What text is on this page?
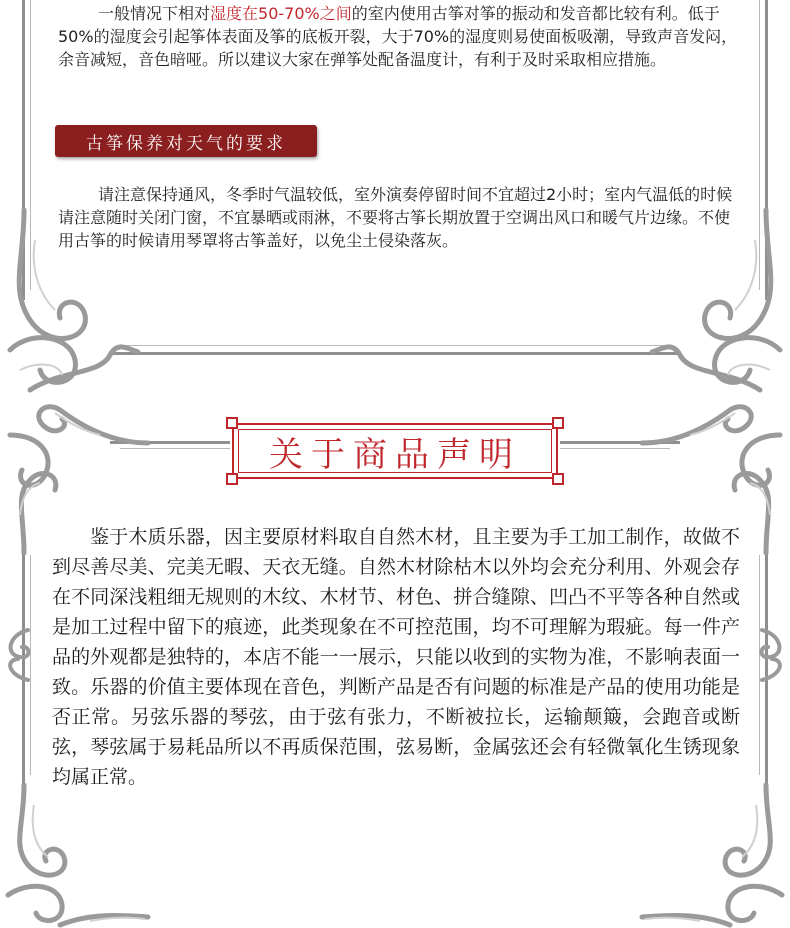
一般情况下相对湿度在50-70%之间的室内使用古筝对筝的振动和发音都比较有利。低于50%的湿度会引起筝体表面及筝的底板开裂，大于70%的湿度则易使面板吸潮，导致声音发闷，余音减短，音色暗哑。所以建议大家在弹筝处配备温度计，有利于及时采取相应措施。

古筝保养对天气的要求

请注意保持通风，冬季时气温较低，室外演奏停留时间不宜超过2小时；室内气温低的时候请注意随时关闭门窗，不宜暴晒或雨淋，不要将古筝长期放置于空调出风口和暖气片边缘。不使用古筝的时候请用琴罩将古筝盖好，以免尘土侵染落灰。

关于商品声明

鉴于木质乐器，因主要原材料取自自然木材，且主要为手工加工制作，故做不到尽善尽美、完美无暇、天衣无缝。自然木材除枯木以外均会充分利用、外观会存在不同深浅粗细无规则的木纹、木材节、材色、拼合缝隙、凹凸不平等各种自然或是加工过程中留下的痕迹，此类现象在不可控范围，均不可理解为瑕疵。每一件产品的外观都是独特的，本店不能一一展示，只能以收到的实物为准，不影响表面一致。乐器的价值主要体现在音色，判断产品是否有问题的标准是产品的使用功能是否正常。另弦乐器的琴弦，由于弦有张力，不断被拉长，运输颠簸，会跑音或断弦，琴弦属于易耗品所以不再质保范围，弦易断，金属弦还会有轻微氧化生锈现象均属正常。
